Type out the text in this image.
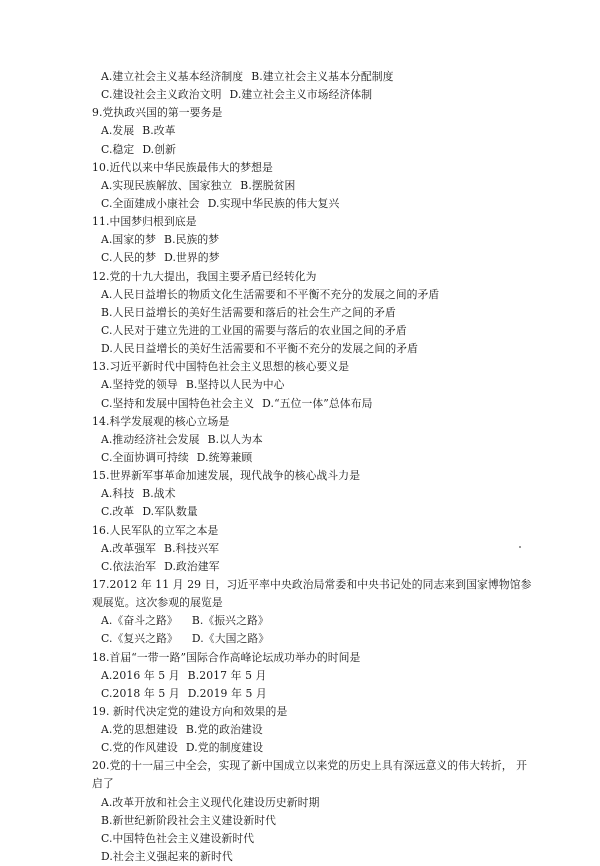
A.建立社会主义基本经济制度 B.建立社会主义基本分配制度
C.建设社会主义政治文明 D.建立社会主义市场经济体制
9.党执政兴国的第一要务是
A.发展 B.改革
C.稳定 D.创新
10.近代以来中华民族最伟大的梦想是
A.实现民族解放、国家独立 B.摆脱贫困
C.全面建成小康社会 D.实现中华民族的伟大复兴
11.中国梦归根到底是
A.国家的梦 B.民族的梦
C.人民的梦 D.世界的梦
12.党的十九大提出，我国主要矛盾已经转化为
A.人民日益增长的物质文化生活需要和不平衡不充分的发展之间的矛盾
B.人民日益增长的美好生活需要和落后的社会生产之间的矛盾
C.人民对于建立先进的工业国的需要与落后的农业国之间的矛盾
D.人民日益增长的美好生活需要和不平衡不充分的发展之间的矛盾
13.习近平新时代中国特色社会主义思想的核心要义是
A.坚持党的领导 B.坚持以人民为中心
C.坚持和发展中国特色社会主义 D.“五位一体”总体布局
14.科学发展观的核心立场是
A.推动经济社会发展 B.以人为本
C.全面协调可持续 D.统筹兼顾
15.世界新军事革命加速发展，现代战争的核心战斗力是
A.科技 B.战术
C.改革 D.军队数量
16.人民军队的立军之本是
A.改革强军 B.科技兴军
C.依法治军 D.政治建军
17.2012 年 11 月 29 日，习近平率中央政治局常委和中央书记处的同志来到国家博物馆参
观展览。这次参观的展览是
A.《奋斗之路》 B.《振兴之路》
C.《复兴之路》 D.《大国之路》
18.首届“一带一路”国际合作高峰论坛成功举办的时间是
A.2016 年 5 月 B.2017 年 5 月
C.2018 年 5 月 D.2019 年 5 月
19. 新时代决定党的建设方向和效果的是
A.党的思想建设 B.党的政治建设
C.党的作风建设 D.党的制度建设
20.党的十一届三中全会，实现了新中国成立以来党的历史上具有深远意义的伟大转折， 开
启了
A.改革开放和社会主义现代化建设历史新时期
B.新世纪新阶段社会主义建设新时代
C.中国特色社会主义建设新时代
D.社会主义强起来的新时代
